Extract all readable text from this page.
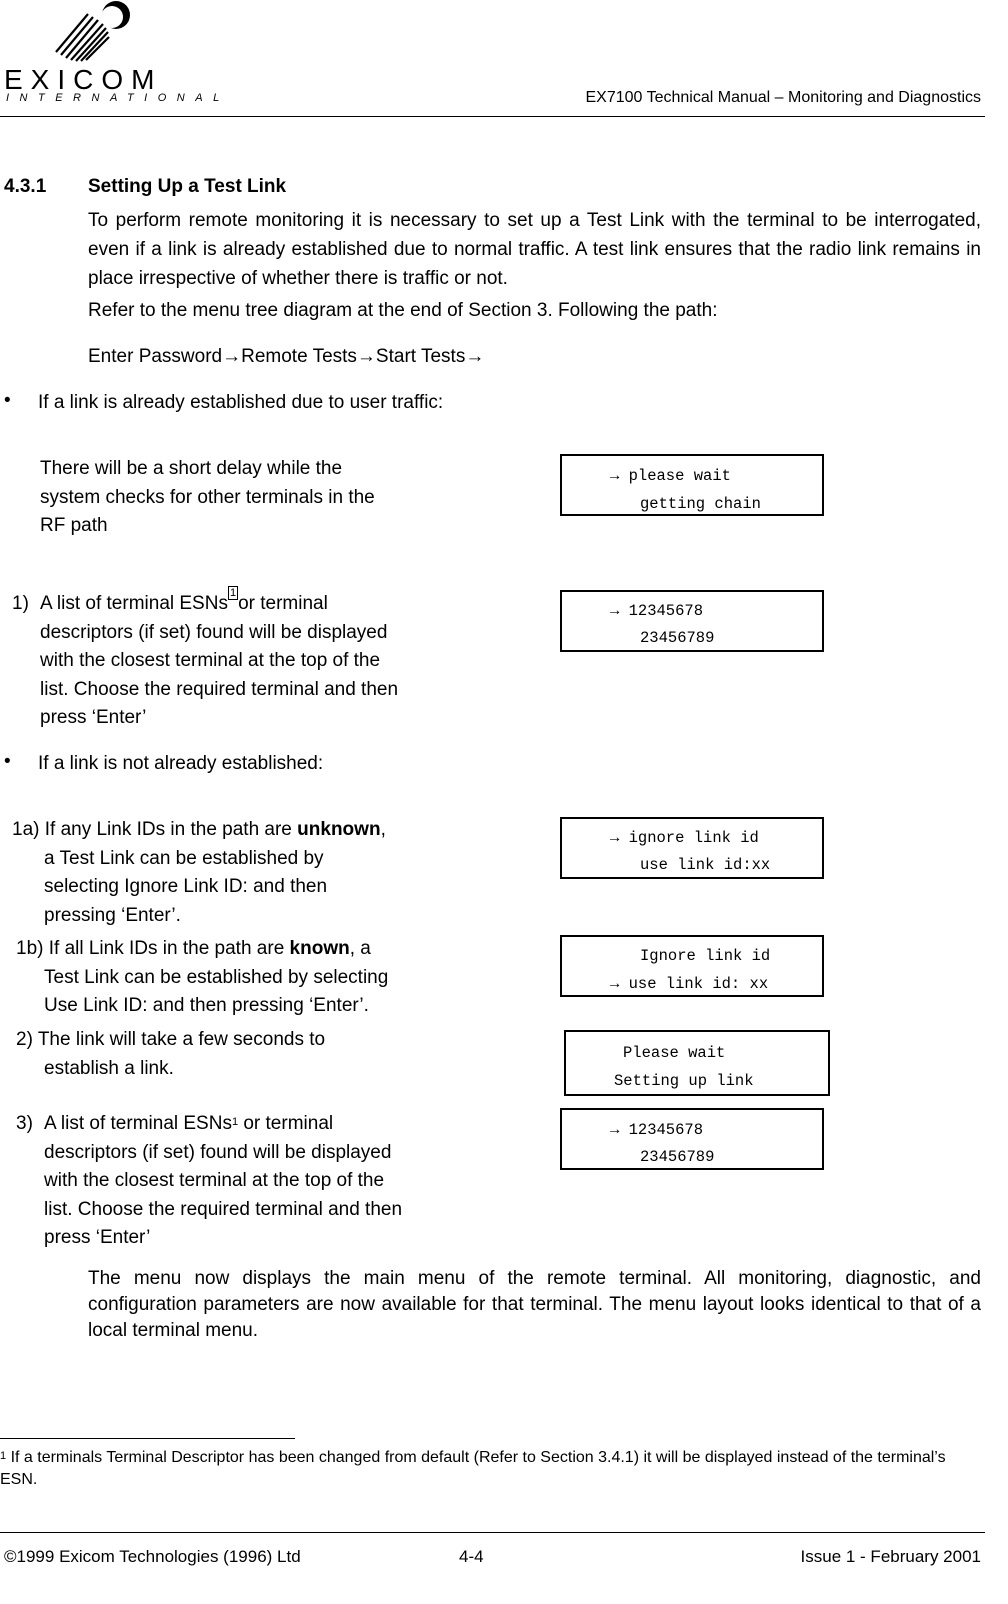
EXICOM
INTERNATIONAL	EX7100 Technical Manual – Monitoring and Diagnostics
4.3.1 Setting Up a Test Link
To perform remote monitoring it is necessary to set up a Test Link with the terminal to be interrogated, even if a link is already established due to normal traffic. A test link ensures that the radio link remains in place irrespective of whether there is traffic or not.
Refer to the menu tree diagram at the end of Section 3. Following the path:
Enter Password→Remote Tests→Start Tests→
• If a link is already established due to user traffic:
There will be a short delay while the
system checks for other terminals in the
RF path
→ please wait
getting chain
1) A list of terminal ESNs 1 or terminal
descriptors (if set) found will be displayed
with the closest terminal at the top of the
list. Choose the required terminal and then
press ‘Enter’
→ 12345678
23456789
• If a link is not already established:
1a) If any Link IDs in the path are unknown,
a Test Link can be established by
selecting Ignore Link ID: and then
pressing ‘Enter’.
→ ignore link id
use link id:xx
1b) If all Link IDs in the path are known, a
Test Link can be established by selecting
Use Link ID: and then pressing ‘Enter’.
Ignore link id
→ use link id: xx
2) The link will take a few seconds to
establish a link.
Please wait
Setting up link
3) A list of terminal ESNs$^1$ or terminal
descriptors (if set) found will be displayed
with the closest terminal at the top of the
list. Choose the required terminal and then
press ‘Enter’
→ 12345678
23456789
The menu now displays the main menu of the remote terminal. All monitoring, diagnostic, and configuration parameters are now available for that terminal. The menu layout looks identical to that of a local terminal menu.
$^1$ If a terminals Terminal Descriptor has been changed from default (Refer to Section 3.4.1) it will be displayed instead of the terminal’s ESN.
©1999 Exicom Technologies (1996) Ltd	4-4	Issue 1 - February 2001
